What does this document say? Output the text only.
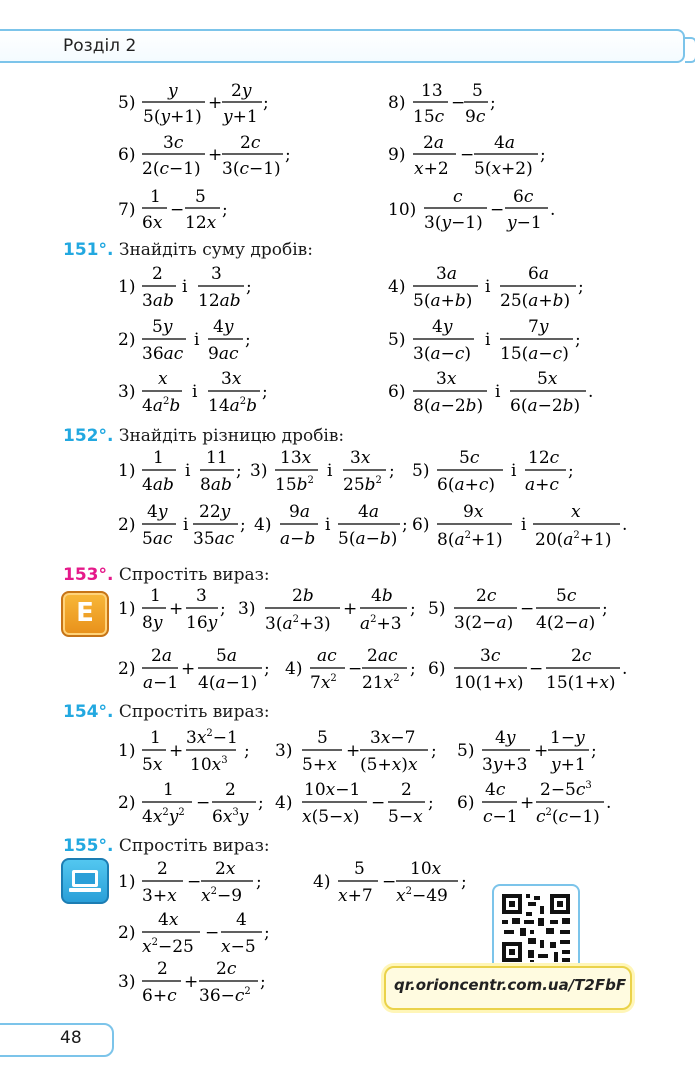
Розділ 2
5)
y
5(y+1)
+
2y
y+1
;	8)
13
15c
−
5
9c
;
6)
3c
2(c−1)
+
2c
3(c−1)
;	9)
2a
x+2
−
4a
5(x+2)
;
7)
1
6x
−
5
12x
;	10)
c
3(y−1)
−
6c
y−1
.
151°. Знайдіть суму дробів:
1)
2
3ab
і
3
12ab
;	4)
3a
5(a+b)
і
6a
25(a+b)
;
2)
5y
36ac
і
4y
9ac
;	5)
4y
3(a−c)
і
7y
15(a−c)
;
3)
x
$4a^2b$
і
3x
$14a^2b$
;	6)
3x
8(a−2b)
і
5x
6(a−2b)
.
152°. Знайдіть різницю дробів:
1)
1
4ab
і
11
8ab
; 3)
13x
$15b^2$ і
3x
$25b^2$ ; 5)
5c
6(a+c)
і
12c
a+c
;
2)
4y
5ac
і
22y
35ac
; 4)
9a
a−b
і
4a
5(a−b)
; 6)
9x
$8(a^2+1)$
і
x
$20(a^2+1)$
.
153°. Спростіть вираз:
E	1)
1
8y
+
3
16y
; 3)
2b
$3(a^2+3)$
+
4b
$a^2+3$
; 5)
2c
3(2−a)
−
5c
4(2−a)
;
2)
2a
a−1
+
5a
4(a−1)
; 4)
ac
$7x^2$ −
2ac
$21x^2$ ; 6)
3c
10(1+x)
−
2c
15(1+x)
.
154°. Спростіть вираз:
1)
1
5x
+
$3x^2-1$
$10x^3$ ; 3)
5
5+x
+
3x−7
(5+x)x
; 5)
4y
3y+3
+
1−y
y+1
;
2)
1
$4x^2y^2$ −
2
$6x^3y$
; 4)
10x−1
x(5−x)
−
2
5−x
; 6)
4c
c−1
+
$2-5c^3$
$c^2(c-1)$
.
155°. Спростіть вираз:
1)
2
3+x
−
2x
$x^2-9$
;	4)
5
x+7
−
10x
$x^2-49$
;
2)
4x
$x^2-25$
−
4
x−5
;
3)
2
6+c
+
2c
$36-c^2$ ;	qr.orioncentr.com.ua/T2FbF
48
